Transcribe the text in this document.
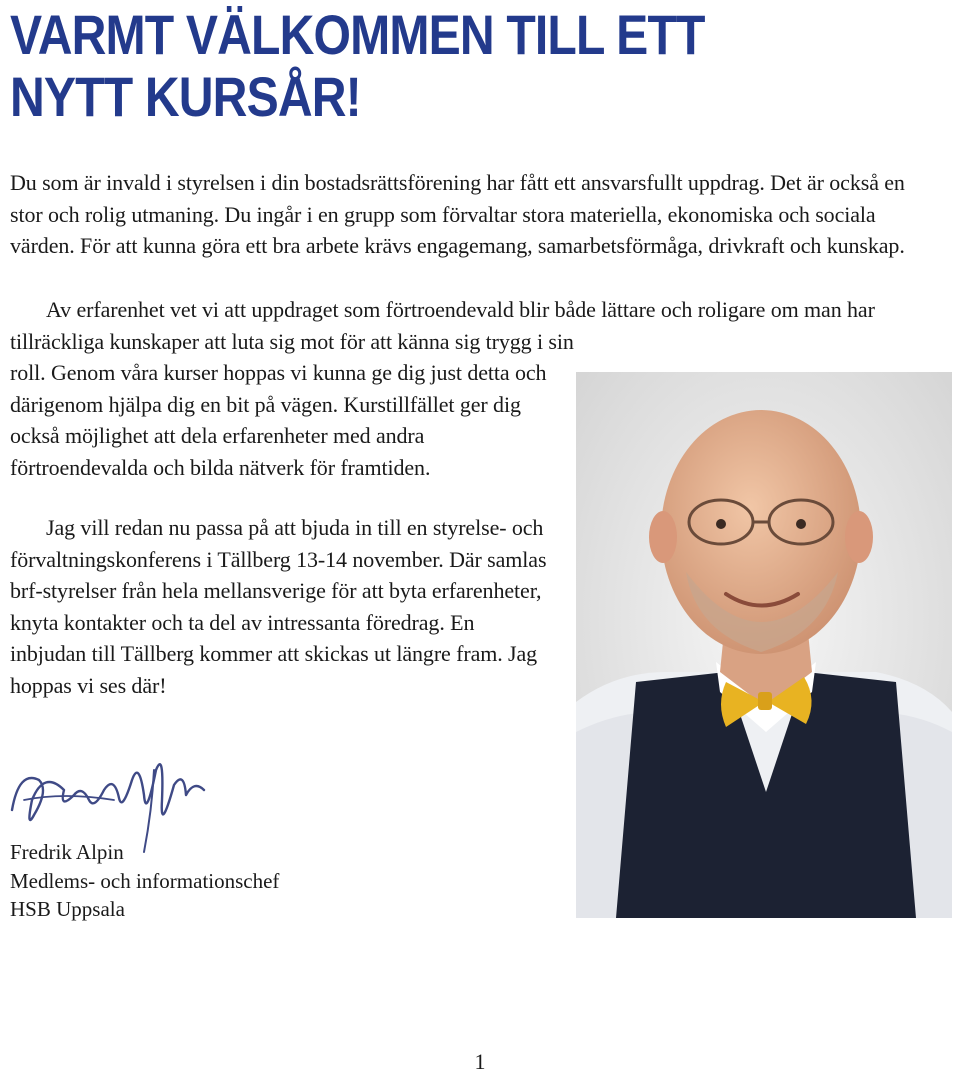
VARMT VÄLKOMMEN TILL ETT
NYTT KURSÅR!

Du som är invald i styrelsen i din bostadsrättsförening har fått ett ansvarsfullt uppdrag. Det är också en stor och rolig utmaning. Du ingår i en grupp som förvaltar stora materiella, ekonomiska och sociala värden. För att kunna göra ett bra arbete krävs engagemang, samarbetsförmåga, drivkraft och kunskap.

Av erfarenhet vet vi att uppdraget som förtroendevald blir både lättare och roligare om man har tillräckliga kunskaper att luta sig mot för att känna sig trygg i sin

roll. Genom våra kurser hoppas vi kunna ge dig just detta och därigenom hjälpa dig en bit på vägen. Kurstillfället ger dig också möjlighet att dela erfarenheter med andra förtroendevalda och bilda nätverk för framtiden.

Jag vill redan nu passa på att bjuda in till en styrelse- och förvaltningskonferens i Tällberg 13-14 november. Där samlas brf-styrelser från hela mellansverige för att byta erfarenheter, knyta kontakter och ta del av intressanta föredrag. En inbjudan till Tällberg kommer att skickas ut längre fram. Jag hoppas vi ses där!

Fredrik Alpin
Medlems- och informationschef
HSB Uppsala

1
